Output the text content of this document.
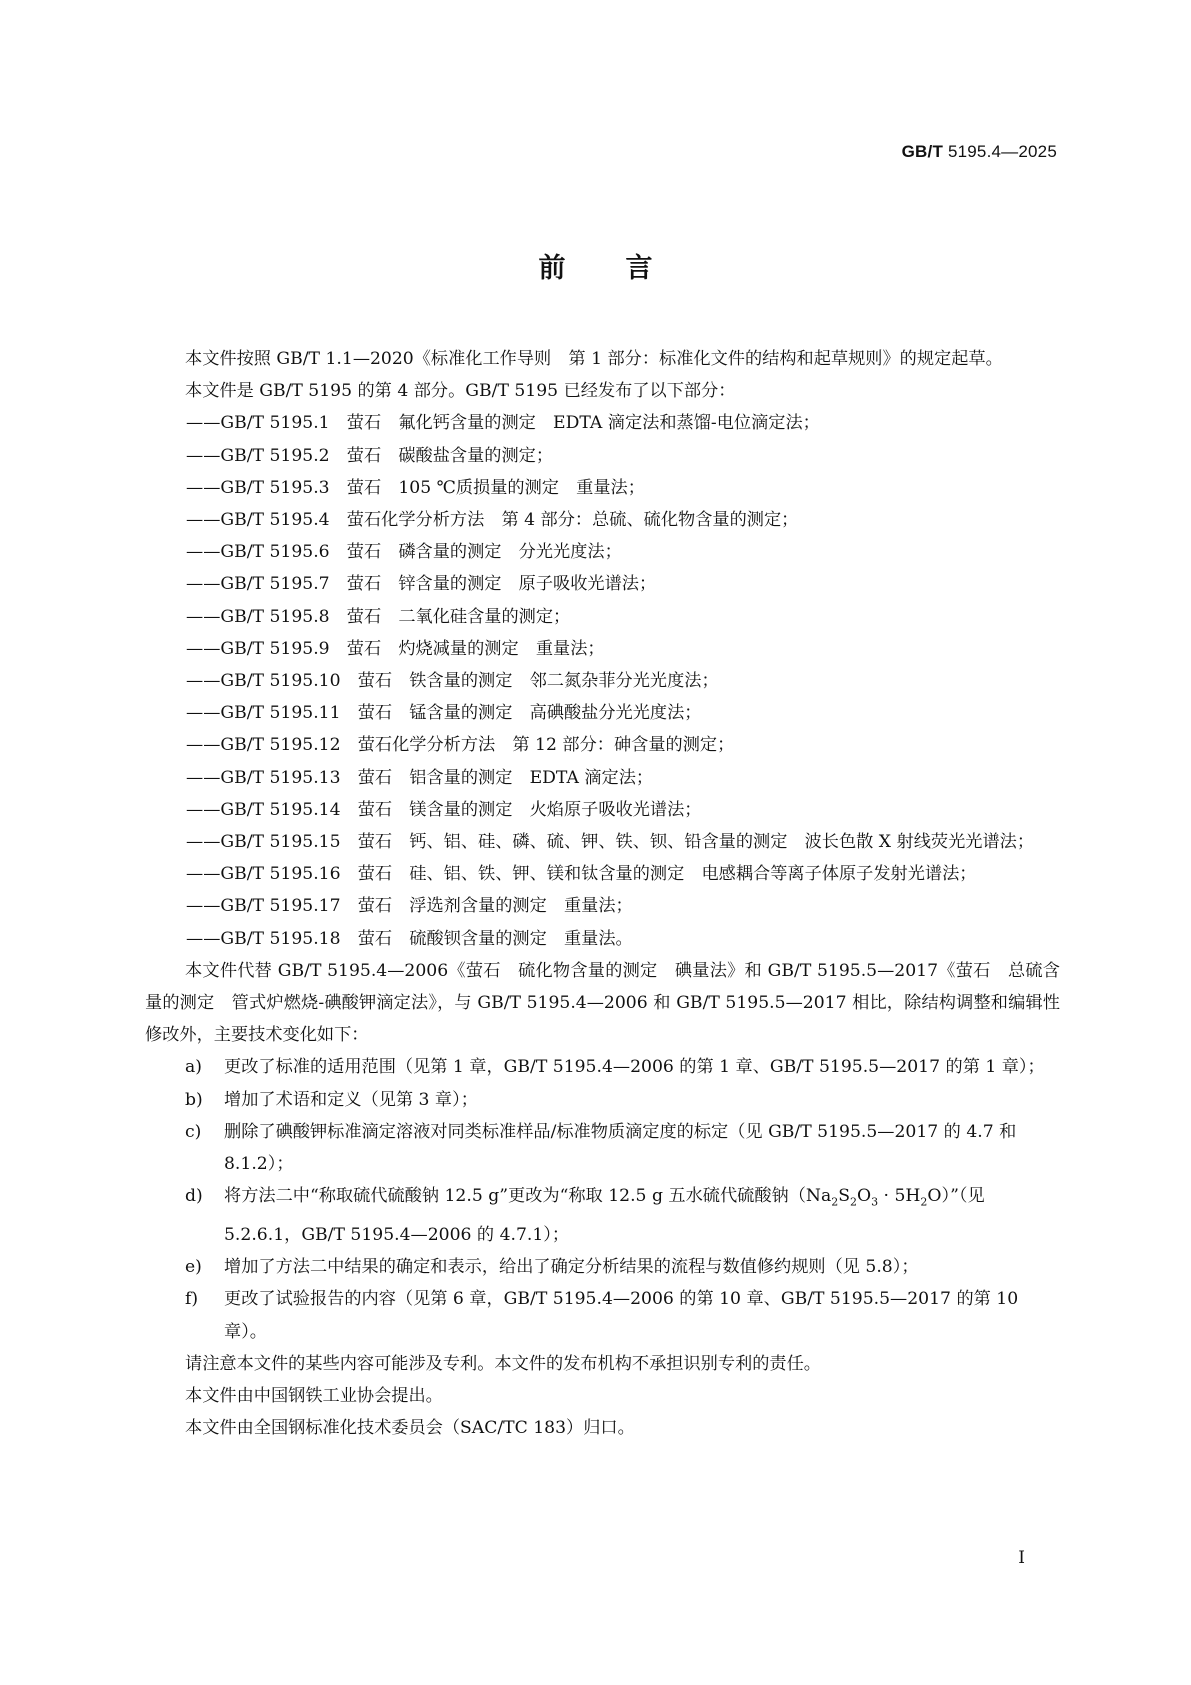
GB/T 5195.4—2025
前言

本文件按照 GB/T 1.1—2020《标准化工作导则　第 1 部分：标准化文件的结构和起草规则》的规定起草。

本文件是 GB/T 5195 的第 4 部分。GB/T 5195 已经发布了以下部分：

——GB/T 5195.1　萤石　氟化钙含量的测定　EDTA 滴定法和蒸馏-电位滴定法；

——GB/T 5195.2　萤石　碳酸盐含量的测定；

——GB/T 5195.3　萤石　105 ℃质损量的测定　重量法；

——GB/T 5195.4　萤石化学分析方法　第 4 部分：总硫、硫化物含量的测定；

——GB/T 5195.6　萤石　磷含量的测定　分光光度法；

——GB/T 5195.7　萤石　锌含量的测定　原子吸收光谱法；

——GB/T 5195.8　萤石　二氧化硅含量的测定；

——GB/T 5195.9　萤石　灼烧减量的测定　重量法；

——GB/T 5195.10　萤石　铁含量的测定　邻二氮杂菲分光光度法；

——GB/T 5195.11　萤石　锰含量的测定　高碘酸盐分光光度法；

——GB/T 5195.12　萤石化学分析方法　第 12 部分：砷含量的测定；

——GB/T 5195.13　萤石　铝含量的测定　EDTA 滴定法；

——GB/T 5195.14　萤石　镁含量的测定　火焰原子吸收光谱法；

——GB/T 5195.15　萤石　钙、铝、硅、磷、硫、钾、铁、钡、铅含量的测定　波长色散 X 射线荧光光谱法；

——GB/T 5195.16　萤石　硅、铝、铁、钾、镁和钛含量的测定　电感耦合等离子体原子发射光谱法；

——GB/T 5195.17　萤石　浮选剂含量的测定　重量法；

——GB/T 5195.18　萤石　硫酸钡含量的测定　重量法。

本文件代替 GB/T 5195.4—2006《萤石　硫化物含量的测定　碘量法》和 GB/T 5195.5—2017《萤石　总硫含量的测定　管式炉燃烧-碘酸钾滴定法》，与 GB/T 5195.4—2006 和 GB/T 5195.5—2017 相比，除结构调整和编辑性修改外，主要技术变化如下：

a) 更改了标准的适用范围（见第 1 章，GB/T 5195.4—2006 的第 1 章、GB/T 5195.5—2017 的第 1 章）；

b) 增加了术语和定义（见第 3 章）；

c) 删除了碘酸钾标准滴定溶液对同类标准样品/标准物质滴定度的标定（见 GB/T 5195.5—2017 的 4.7 和 8.1.2）；

d) 将方法二中“称取硫代硫酸钠 12.5 g”更改为“称取 12.5 g 五水硫代硫酸钠（$Na_2S_2O_3$ · $5H_2O$）”（见 5.2.6.1，GB/T 5195.4—2006 的 4.7.1）；

e) 增加了方法二中结果的确定和表示，给出了确定分析结果的流程与数值修约规则（见 5.8）；

f) 更改了试验报告的内容（见第 6 章，GB/T 5195.4—2006 的第 10 章、GB/T 5195.5—2017 的第 10 章）。

请注意本文件的某些内容可能涉及专利。本文件的发布机构不承担识别专利的责任。

本文件由中国钢铁工业协会提出。

本文件由全国钢标准化技术委员会（SAC/TC 183）归口。

I
